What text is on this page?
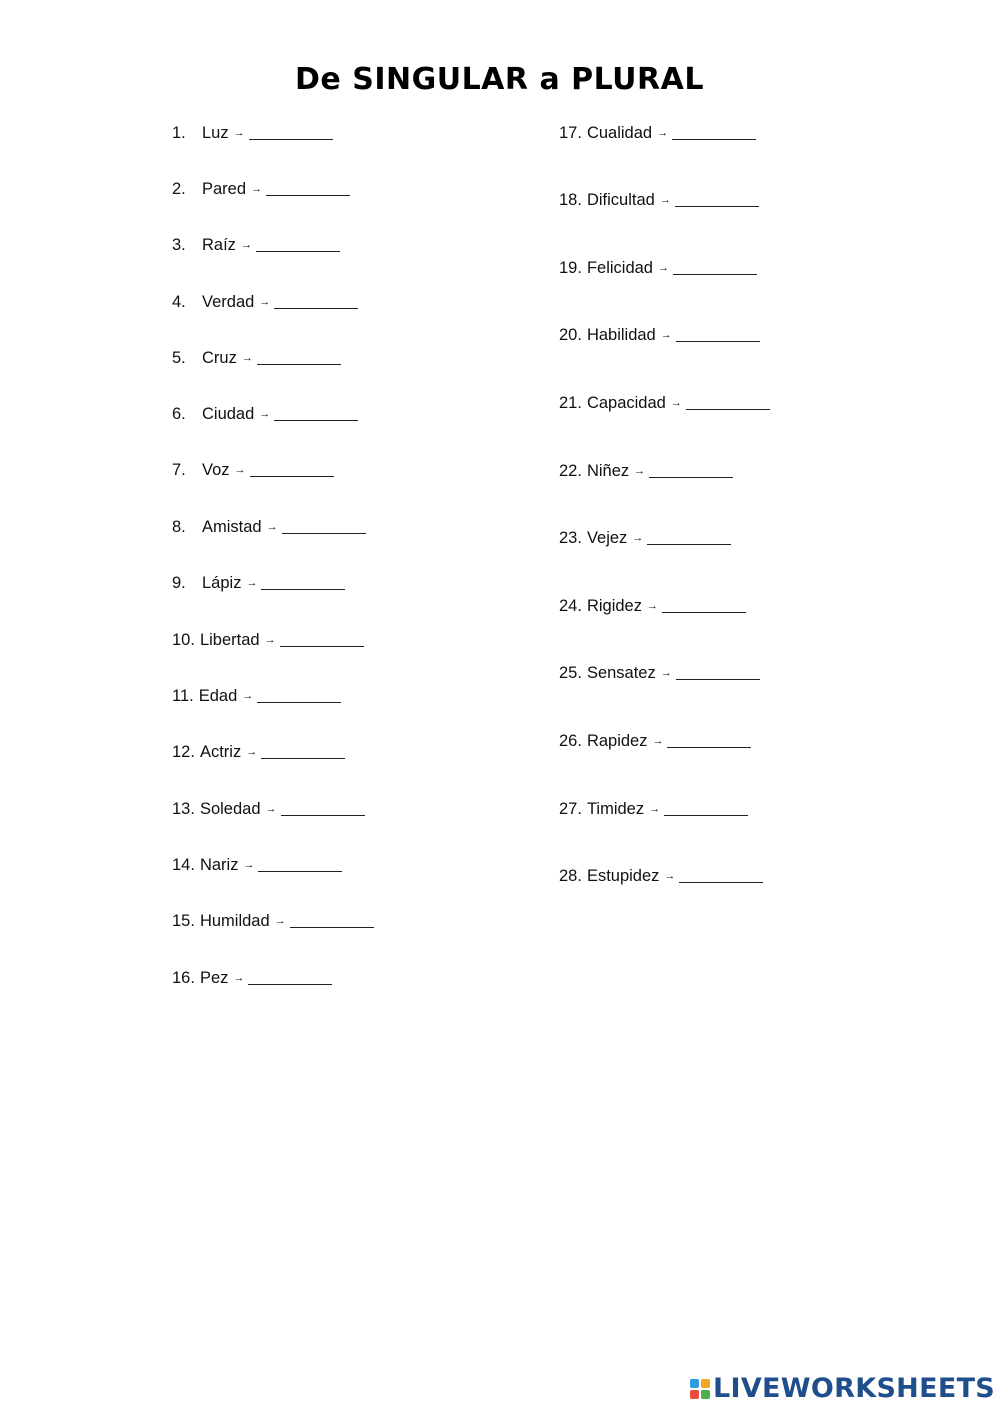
De SINGULAR a PLURAL
1. Luz →
2. Pared →
3. Raíz →
4. Verdad →
5. Cruz →
6. Ciudad →
7. Voz →
8. Amistad →
9. Lápiz →
10. Libertad →
11. Edad →
12. Actriz →
13. Soledad →
14. Nariz →
15. Humildad →
16. Pez →
17. Cualidad →
18. Dificultad →
19. Felicidad →
20. Habilidad →
21. Capacidad →
22. Niñez →
23. Vejez →
24. Rigidez →
25. Sensatez →
26. Rapidez →
27. Timidez →
28. Estupidez →
LIVEWORKSHEETS
